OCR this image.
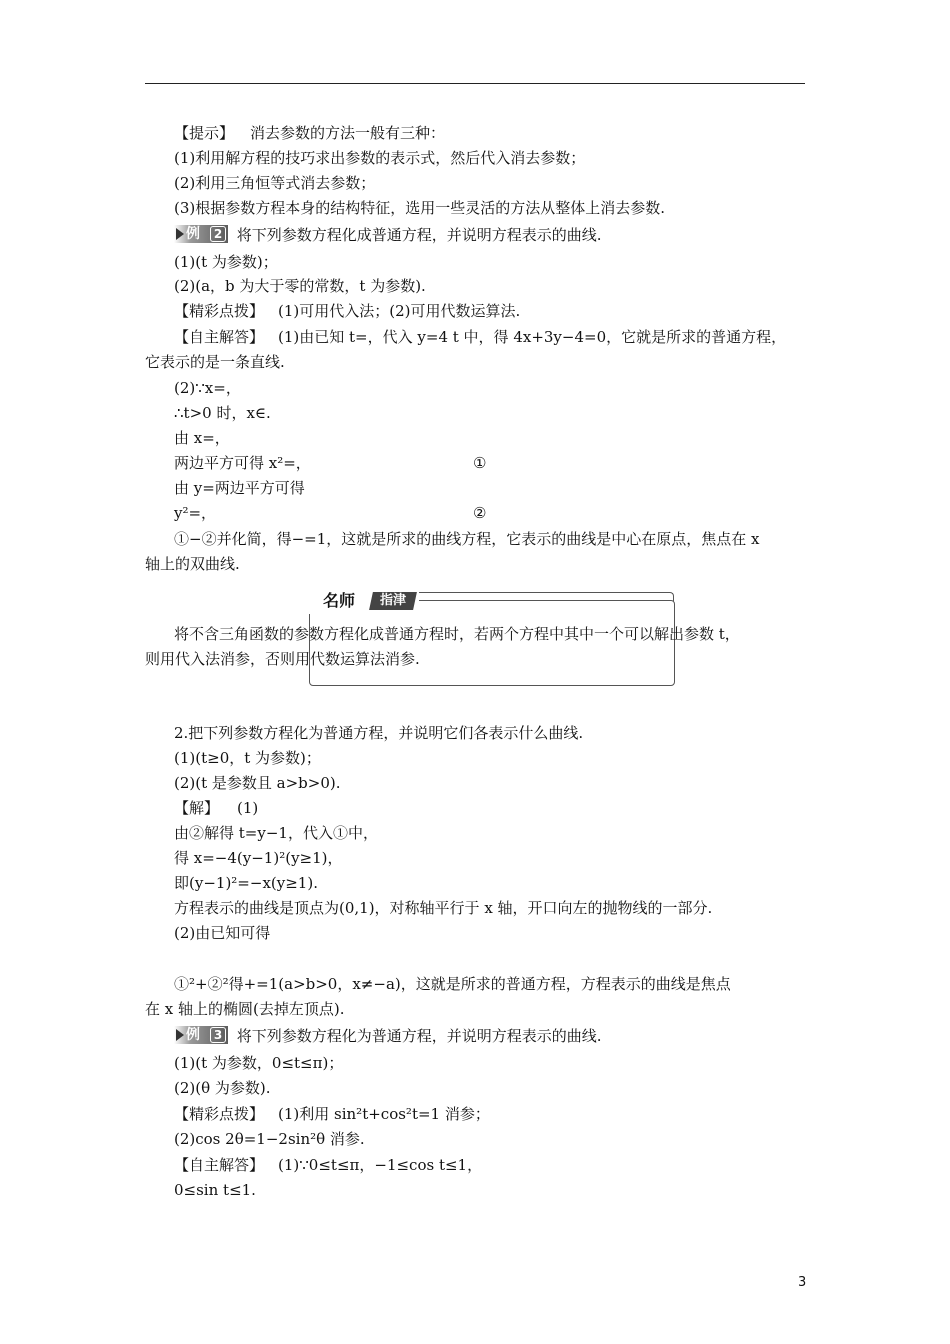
【提示】 消去参数的方法一般有三种：
(1)利用解方程的技巧求出参数的表示式，然后代入消去参数；
(2)利用三角恒等式消去参数；
(3)根据参数方程本身的结构特征，选用一些灵活的方法从整体上消去参数.
例	2 将下列参数方程化成普通方程，并说明方程表示的曲线.
(1)(t 为参数)；
(2)(a，b 为大于零的常数，t 为参数).
【精彩点拨】 (1)可用代入法；(2)可用代数运算法.
【自主解答】 (1)由已知 t=，代入 y=4 t 中，得 4x+3y−4=0，它就是所求的普通方程，
它表示的是一条直线.
(2)∵x=，
∴t>0 时，x∈.
由 x=，
两边平方可得 x²=，	①
由 y=两边平方可得
y²=，	②
①−②并化简，得−=1，这就是所求的曲线方程，它表示的曲线是中心在原点，焦点在 x
轴上的双曲线.
名师	指津
将不含三角函数的参数方程化成普通方程时，若两个方程中其中一个可以解出参数 t，
则用代入法消参，否则用代数运算法消参.
2.把下列参数方程化为普通方程，并说明它们各表示什么曲线.
(1)(t≥0，t 为参数)；
(2)(t 是参数且 a>b>0).
【解】 (1)
由②解得 t=y−1，代入①中，
得 x=−4(y−1)²(y≥1)，
即(y−1)²=−x(y≥1).
方程表示的曲线是顶点为(0,1)，对称轴平行于 x 轴，开口向左的抛物线的一部分.
(2)由已知可得
①²+②²得+=1(a>b>0，x≠−a)，这就是所求的普通方程，方程表示的曲线是焦点
在 x 轴上的椭圆(去掉左顶点).
例	3 将下列参数方程化为普通方程，并说明方程表示的曲线.
(1)(t 为参数，0≤t≤π)；
(2)(θ 为参数).
【精彩点拨】 (1)利用 sin²t+cos²t=1 消参；
(2)cos 2θ=1−2sin²θ 消参.
【自主解答】 (1)∵0≤t≤π，−1≤cos t≤1，
0≤sin t≤1.
3
